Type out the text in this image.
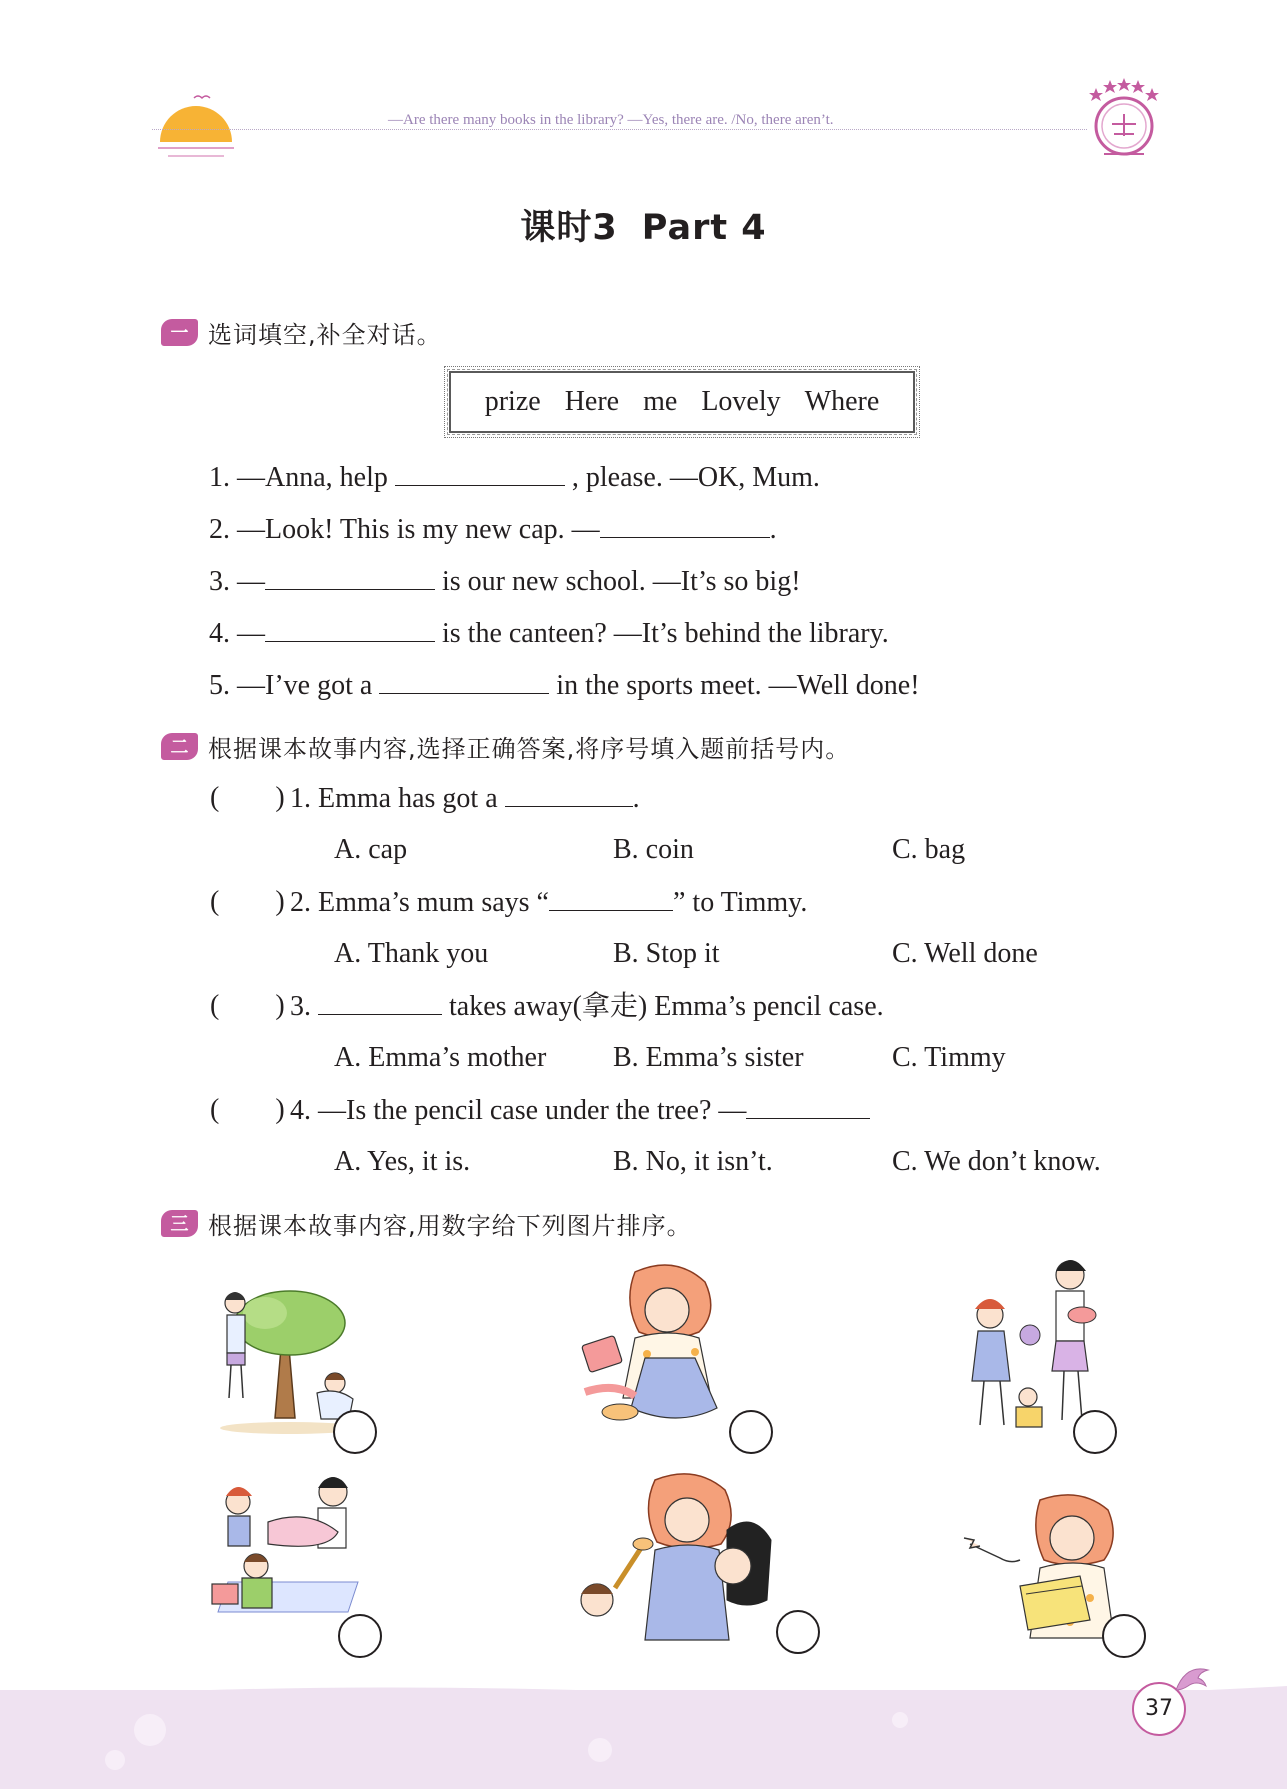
—Are there many books in the library? —Yes, there are. /No, there aren’t.
课时3 Part 4
一 选词填空,补全对话。
prize Here me Lovely Where
1. —Anna, help	, please. —OK, Mum.
2. —Look! This is my new cap. —	.
3. —	is our new school. —It’s so big!
4. —	is the canteen? —It’s behind the library.
5. —I’ve got a	in the sports meet. —Well done!
二 根据课本故事内容,选择正确答案,将序号填入题前括号内。
( ) 1. Emma has got a	.
A. cap	B. coin	C. bag
( ) 2. Emma’s mum says “	” to Timmy.
A. Thank you	B. Stop it	C. Well done
( ) 3.	takes away(拿走) Emma’s pencil case.
A. Emma’s mother B. Emma’s sister	C. Timmy
( ) 4. —Is the pencil case under the tree? —
A. Yes, it is.	B. No, it isn’t.	C. We don’t know.
三 根据课本故事内容,用数字给下列图片排序。
37
